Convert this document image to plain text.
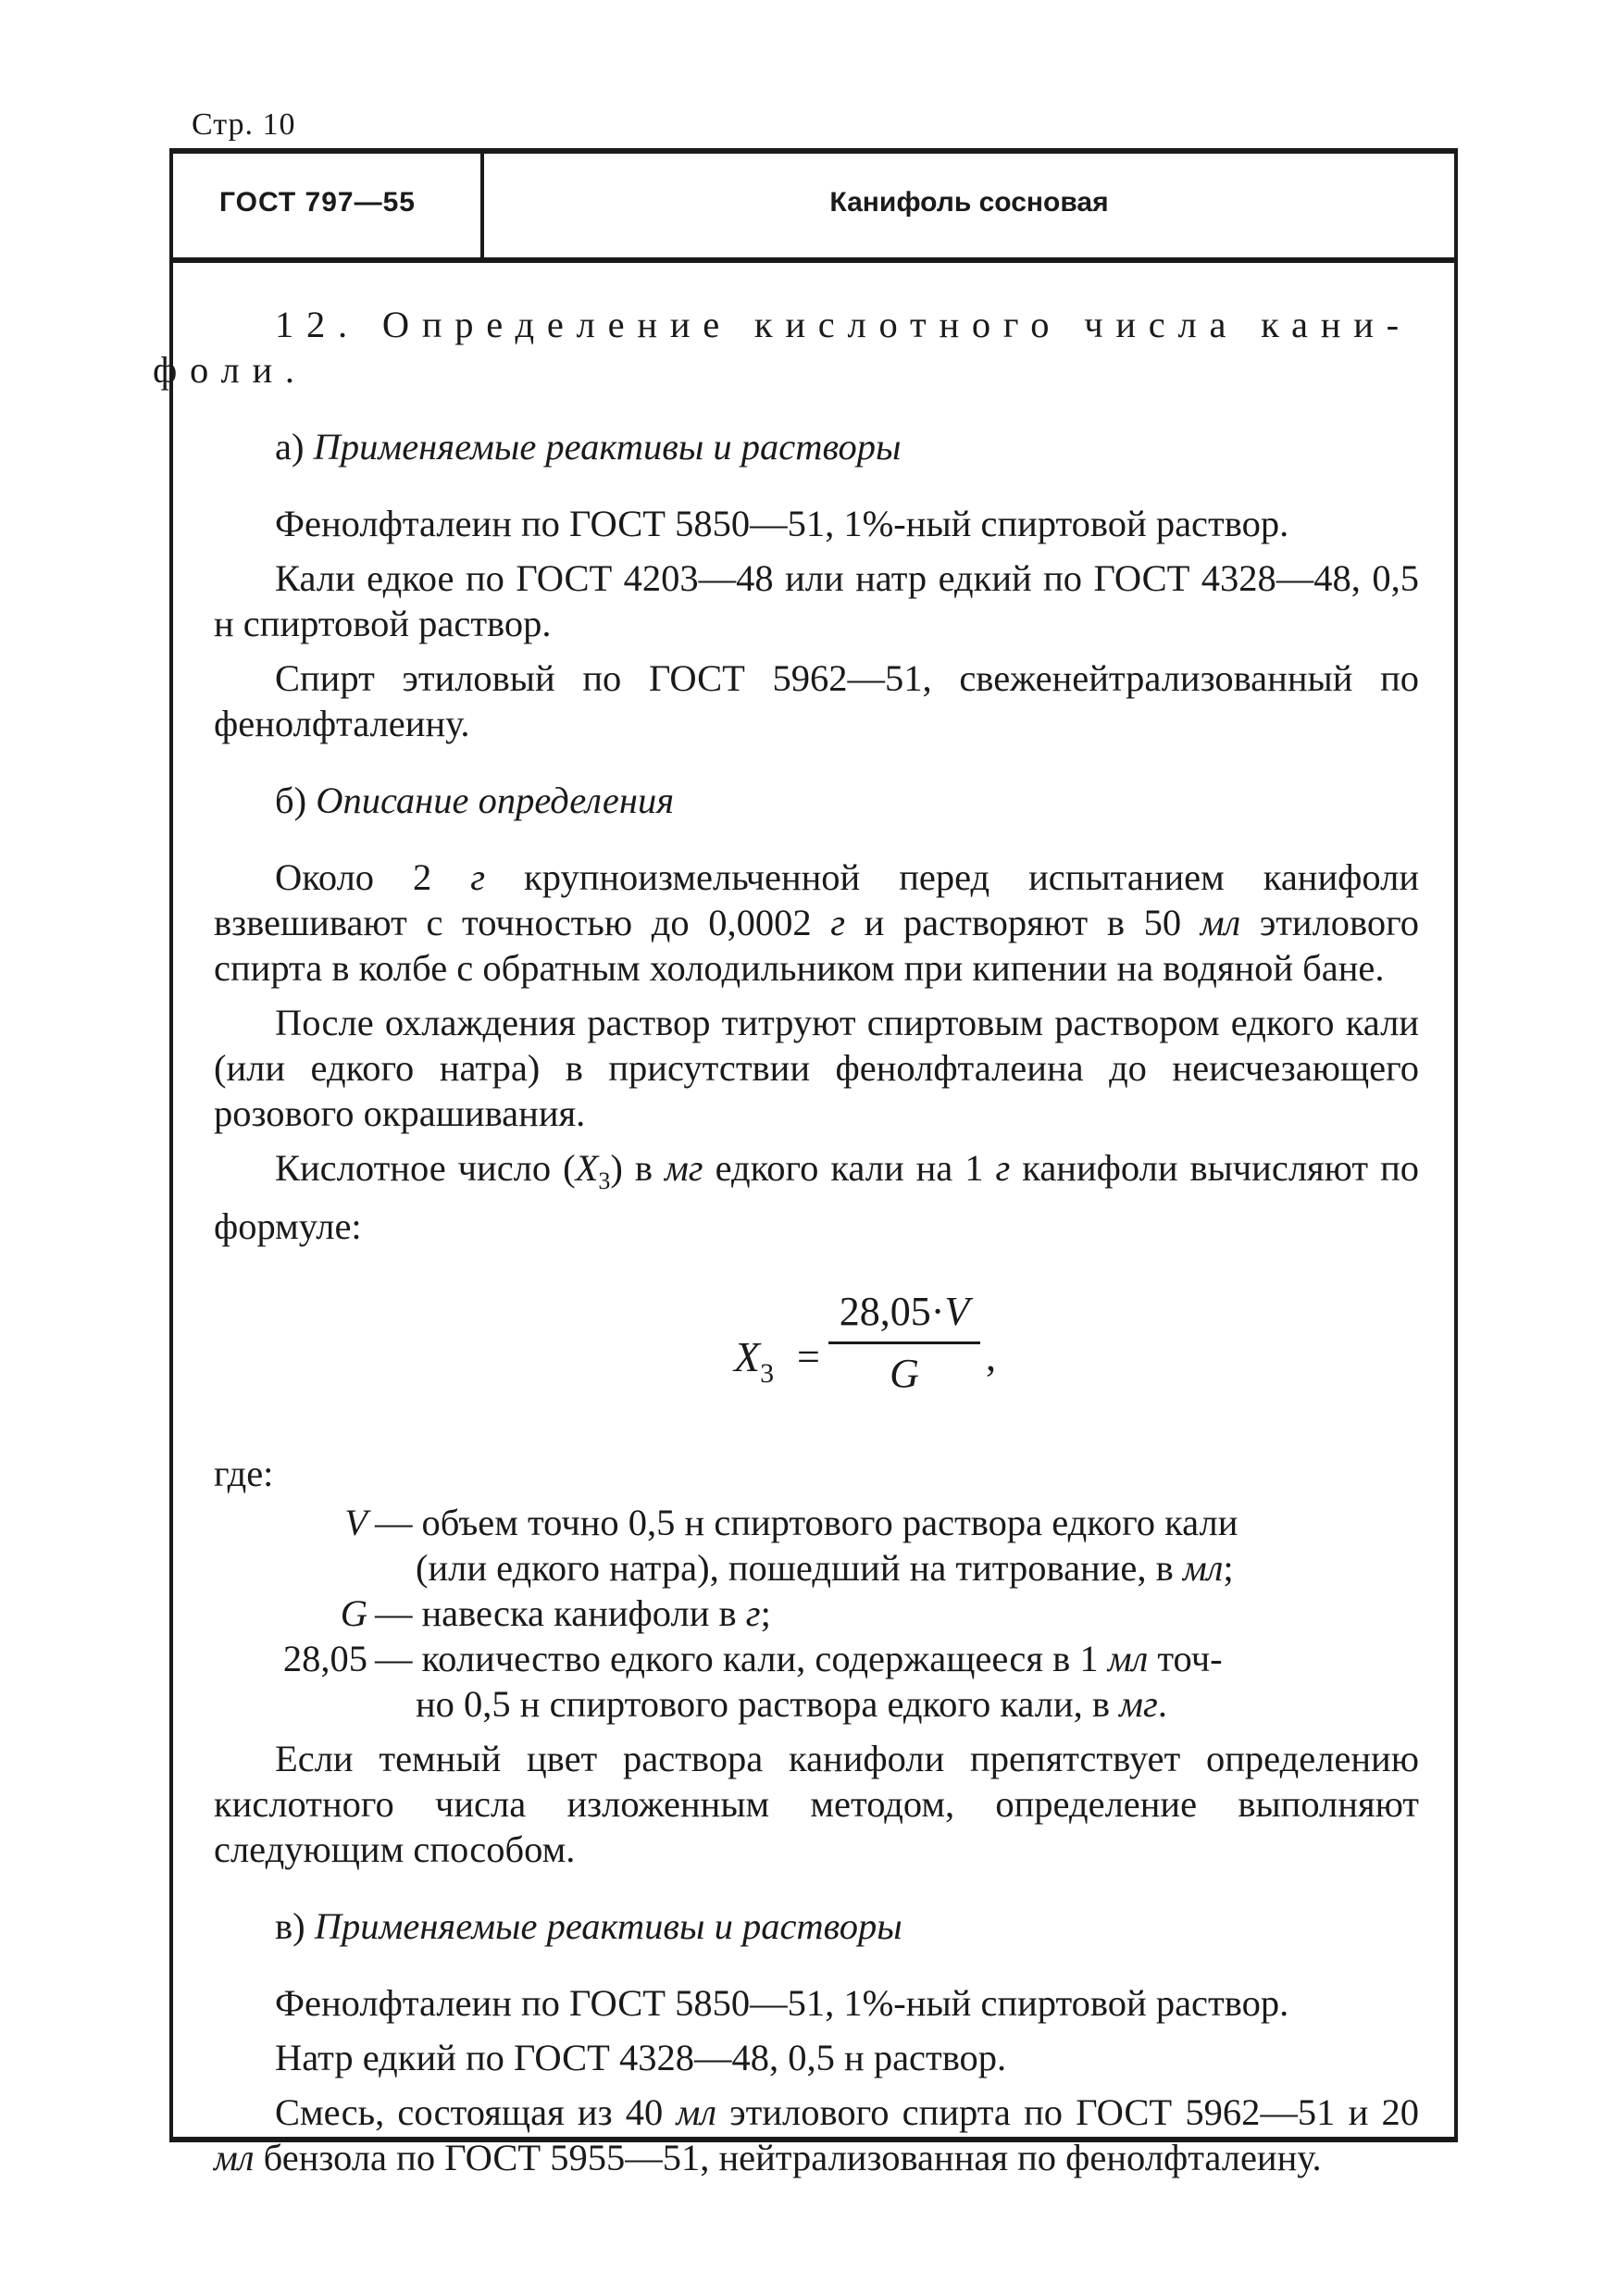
Стр. 10
ГОСТ 797—55	Канифоль сосновая

12. Определение кислотного числа кани-
фоли.

а) Применяемые реактивы и растворы

Фенолфталеин по ГОСТ 5850—51, 1%-ный спиртовой раствор.

Кали едкое по ГОСТ 4203—48 или натр едкий по ГОСТ 4328—48, 0,5 н спиртовой раствор.

Спирт этиловый по ГОСТ 5962—51, свеженейтрализованный по фенолфталеину.

б) Описание определения

Около 2 г крупноизмельченной перед испытанием канифоли взвешивают с точностью до 0,0002 г и растворяют в 50 мл этилового спирта в колбе с обратным холодильником при кипении на водяной бане.

После охлаждения раствор титруют спиртовым раствором едкого кали (или едкого натра) в присутствии фенолфталеина до неисчезающего розового окрашивания.

Кислотное число $(X_3)$ в мг едкого кали на 1 г канифоли вычисляют по формуле:

$X_3$ =
28,05·V
G	,
где:
V — объем точно 0,5 н спиртового раствора едкого кали
(или едкого натра), пошедший на титрование, в мл;
G — навеска канифоли в г;
28,05 — количество едкого кали, содержащееся в 1 мл точ-
но 0,5 н спиртового раствора едкого кали, в мг.

Если темный цвет раствора канифоли препятствует определению кислотного числа изложенным методом, определение выполняют следующим способом.

в) Применяемые реактивы и растворы

Фенолфталеин по ГОСТ 5850—51, 1%-ный спиртовой раствор.

Натр едкий по ГОСТ 4328—48, 0,5 н раствор.

Смесь, состоящая из 40 мл этилового спирта по ГОСТ 5962—51 и 20 мл бензола по ГОСТ 5955—51, нейтрализованная по фенолфталеину.
